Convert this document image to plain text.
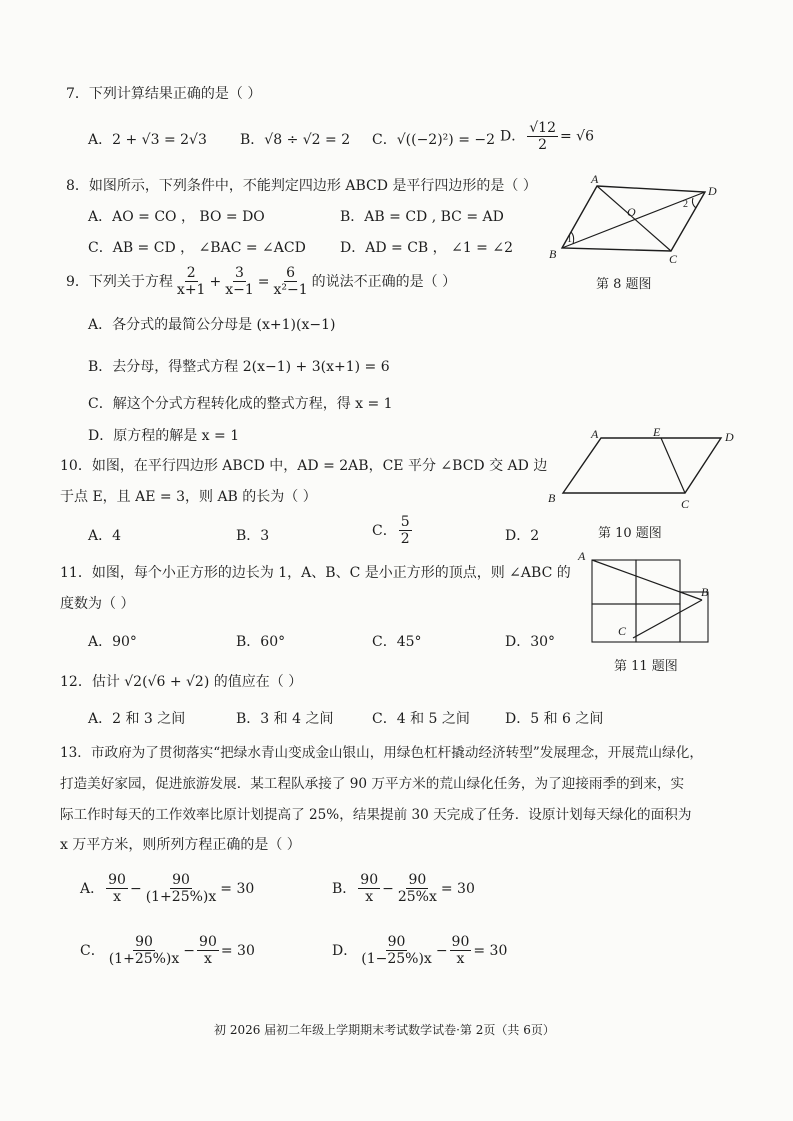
7．下列计算结果正确的是（ ）
A．2 + √3 = 2√3 B．√8 ÷ √2 = 2 C．√((−2)²) = −2 D． $\frac{√12}{2} = √6$
8．如图所示，下列条件中，不能判定四边形 ABCD 是平行四边形的是（ ）
A．AO = CO ， BO = DO	B．AB = CD , BC = AD
C．AB = CD ， ∠BAC = ∠ACD D．AD = CB ， ∠1 = ∠2
A
D
O
B	C
1
2
第 8 题图
9．下列关于方程 $\frac{2}{x+1} + \frac{3}{x-1} = \frac{6}{\text{x²−1}}$ 的说法不正确的是（ ）
A．各分式的最简公分母是 (x+1)(x−1)
B．去分母，得整式方程 2(x−1) + 3(x+1) = 6
C．解这个分式方程转化成的整式方程，得 x = 1
D．原方程的解是 x = 1
10．如图，在平行四边形 ABCD 中，AD = 2AB，CE 平分 ∠BCD 交 AD 边
于点 E，且 AE = 3，则 AB 的长为（ ）
A．4	B．3	C． $\frac{5}{2}$	D．2
A	E	D
B	C
第 10 题图
11．如图，每个小正方形的边长为 1，A、B、C 是小正方形的顶点，则 ∠ABC 的
度数为（ ）
A．90°	B．60°	C．45°	D．30°
A
B
C
第 11 题图
12．估计 √2(√6 + √2) 的值应在（ ）
A．2 和 3 之间	B．3 和 4 之间	C．4 和 5 之间	D．5 和 6 之间
13．市政府为了贯彻落实“把绿水青山变成金山银山，用绿色杠杆撬动经济转型”发展理念，开展荒山绿化，
打造美好家园，促进旅游发展．某工程队承接了 90 万平方米的荒山绿化任务，为了迎接雨季的到来，实
际工作时每天的工作效率比原计划提高了 25%，结果提前 30 天完成了任务．设原计划每天绿化的面积为
x 万平方米，则所列方程正确的是（ ）
A． $\frac{90}{x} - \frac{90}{(1+25\%)x} = 30$	B． $\frac{90}{x} - \frac{90}{25\%x} = 30$
C． $\frac{90}{(1+25\%)x} - \frac{90}{x} = 30$	D． $\frac{90}{(1-25\%)x} - \frac{90}{x} = 30$
初 2026 届初二年级上学期期末考试数学试卷·第 2页（共 6页）
